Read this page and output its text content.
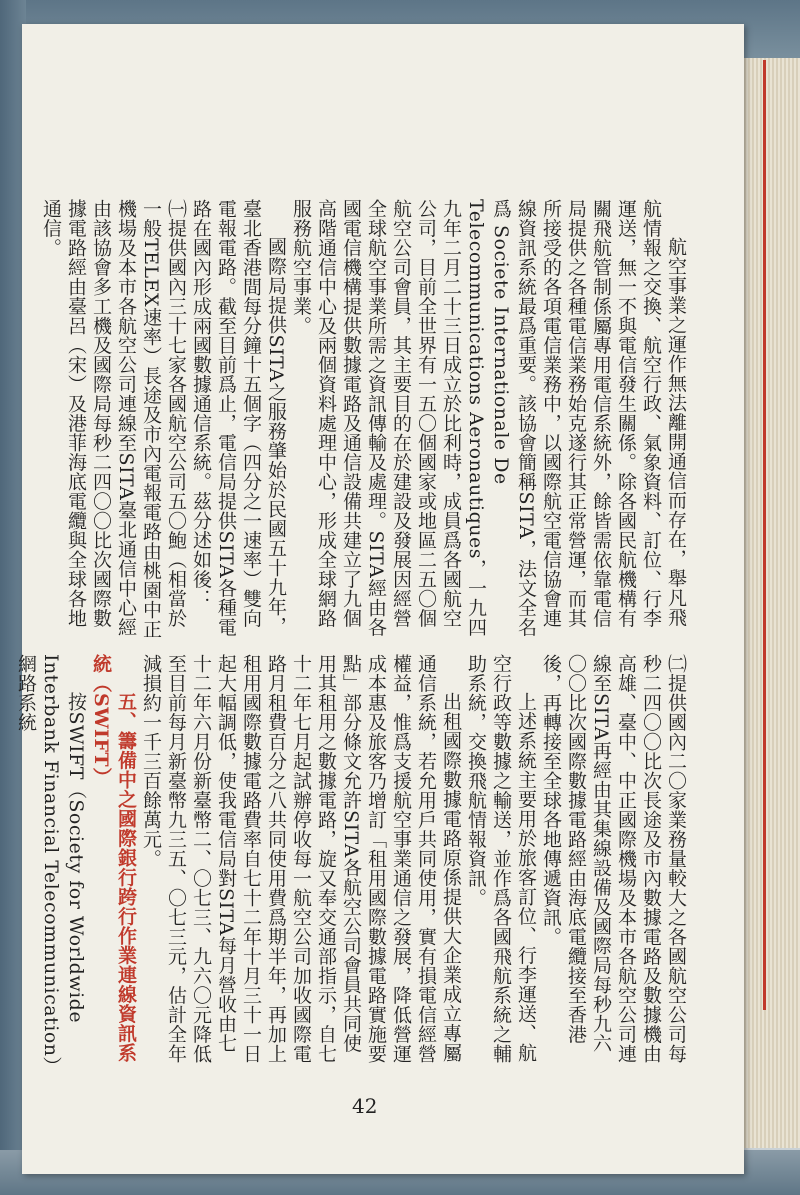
航空事業之運作無法離開通信而存在，舉凡飛航情報之交換、航空行政、氣象資料、訂位、行李運送，無一不與電信發生關係。除各國民航機構有關飛航管制係屬專用電信系統外，餘皆需依靠電信局提供之各種電信業務始克遂行其正常營運，而其所接受的各項電信業務中，以國際航空電信協會連線資訊系統最爲重要。該協會簡稱SITA，法文全名爲 Societe Internationale De Telecommunications Aeronautiques，一九四九年二月二十三日成立於比利時，成員爲各國航空公司，目前全世界有一五〇個國家或地區二五〇個航空公司會員，其主要目的在於建設及發展因經營全球航空事業所需之資訊傳輸及處理。SITA經由各國電信機構提供數據電路及通信設備共建立了九個高階通信中心及兩個資料處理中心，形成全球網路服務航空事業。

國際局提供SITA之服務肇始於民國五十九年，臺北香港間每分鐘十五個字（四分之一速率）雙向電報電路。截至目前爲止，電信局提供SITA各種電路在國內形成兩國數據通信系統。茲分述如後：

㈠提供國內三十七家各國航空公司五〇鮑（相當於一般TELEX速率）長途及市內電報電路由桃園中正機場及本市各航空公司連線至SITA臺北通信中心經由該協會多工機及國際局每秒二四〇〇比次國際數據電路經由臺呂（宋）及港菲海底電纜與全球各地通信。

㈡提供國內二〇家業務量較大之各國航空公司每秒二四〇〇比次長途及市內數據電路及數據機由高雄、臺中、中正國際機場及本市各航空公司連線至SITA再經由其集線設備及國際局每秒九六〇〇比次國際數據電路經由海底電纜接至香港後，再轉接至全球各地傳遞資訊。

上述系統主要用於旅客訂位、行李運送、航空行政等數據之輸送，並作爲各國飛航系統之輔助系統，交換飛航情報資訊。

出租國際數據電路原係提供大企業成立專屬通信系統，若允用戶共同使用，實有損電信經營權益，惟爲支援航空事業通信之發展，降低營運成本惠及旅客乃增訂「租用國際數據電路實施要點」部分條文允許SITA各航空公司會員共同使用其租用之數據電路，旋又奉交通部指示，自七十二年七月起試辦停收每一航空公司加收國際電路月租費百分之八共同使用費爲期半年，再加上租用國際數據電路費率自七十二年十月三十一日起大幅調低，使我電信局對SITA每月營收由七十二年六月份新臺幣二、〇七三、九六〇元降低至目前每月新臺幣九三五、〇七三元，估計全年減損約一千三百餘萬元。

五、籌備中之國際銀行跨行作業連線資訊系統（SWIFT）

按SWIFT（Society for Worldwide Interbank Financial Telecommunication）網路系統

42
